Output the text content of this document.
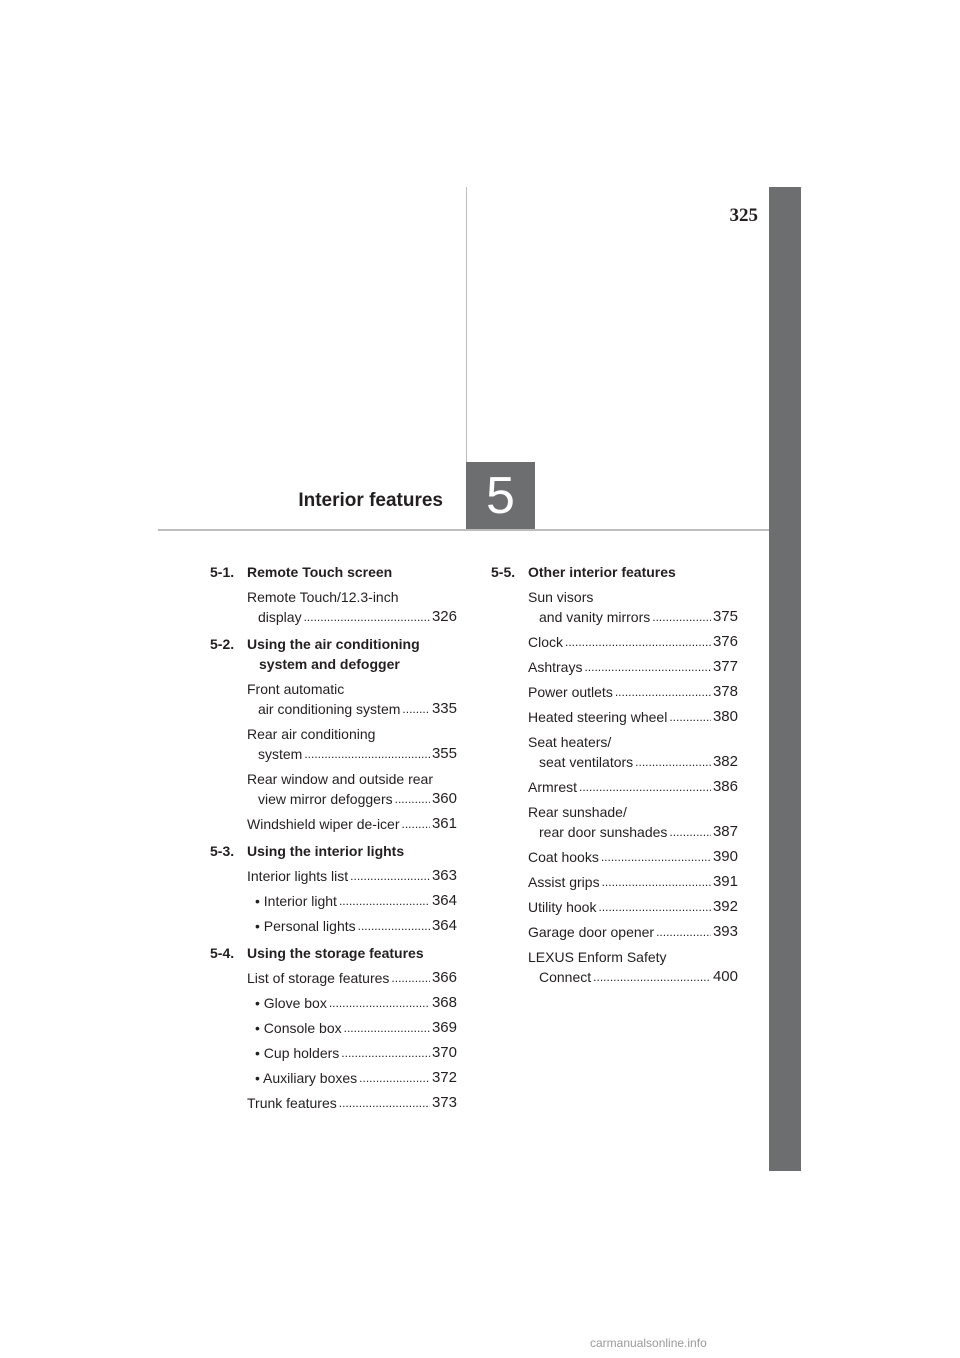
325
Interior features 5
5-1. Remote Touch screen
Remote Touch/12.3-inch
display .....	326
5-2. Using the air conditioning
system and defogger
Front automatic
air conditioning system ..... 335
Rear air conditioning
system .....	355
Rear window and outside rear
view mirror defoggers .....	360
Windshield wiper de-icer ..... 361
5-3. Using the interior lights
Interior lights list .....	363
• Interior light .....	364
• Personal lights .....	364
5-4. Using the storage features
List of storage features .....	366
• Glove box .....	368
• Console box .....	369
• Cup holders .....	370
• Auxiliary boxes .....	372
Trunk features .....	373
5-5. Other interior features
Sun visors
and vanity mirrors .....	375
Clock .....	376
Ashtrays .....	377
Power outlets .....	378
Heated steering wheel .....	380
Seat heaters/
seat ventilators .....	382
Armrest .....	386
Rear sunshade/
rear door sunshades .....	387
Coat hooks .....	390
Assist grips .....	391
Utility hook .....	392
Garage door opener .....	393
LEXUS Enform Safety
Connect .....	400
carmanualsonline.info
